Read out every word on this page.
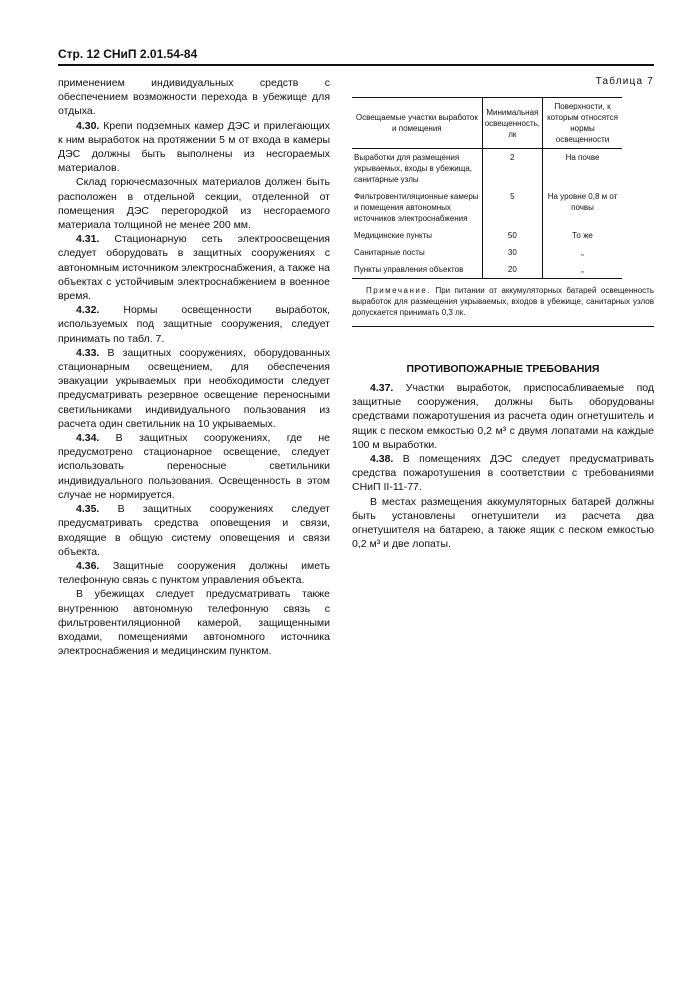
Стр. 12 СНиП 2.01.54-84

применением индивидуальных средств с обеспечением возможности перехода в убежище для отдыха.

4.30. Крепи подземных камер ДЭС и прилегающих к ним выработок на протяжении 5 м от входа в камеры ДЭС должны быть выполнены из несгораемых материалов.

Склад горючесмазочных материалов должен быть расположен в отдельной секции, отделенной от помещения ДЭС перегородкой из несгораемого материала толщиной не менее 200 мм.

4.31. Стационарную сеть электроосвещения следует оборудовать в защитных сооружениях с автономным источником электроснабжения, а также на объектах с устойчивым электроснабжением в военное время.

4.32. Нормы освещенности выработок, используемых под защитные сооружения, следует принимать по табл. 7.

4.33. В защитных сооружениях, оборудованных стационарным освещением, для обеспечения эвакуации укрываемых при необходимости следует предусматривать резервное освещение переносными светильниками индивидуального пользования из расчета один светильник на 10 укрываемых.

4.34. В защитных сооружениях, где не предусмотрено стационарное освещение, следует использовать переносные светильники индивидуального пользования. Освещенность в этом случае не нормируется.

4.35. В защитных сооружениях следует предусматривать средства оповещения и связи, входящие в общую систему оповещения и связи объекта.

4.36. Защитные сооружения должны иметь телефонную связь с пунктом управления объекта.

В убежищах следует предусматривать также внутреннюю автономную телефонную связь с фильтровентиляционной камерой, защищенными входами, помещениями автономного источника электроснабжения и медицинским пунктом.

Таблица 7
Освещаемые участки выработок и помещения	Минимальная освещенность, лк	Поверхности, к которым относятся нормы освещенности
Выработки для размещения укрываемых, входы в убежища, санитарные узлы	2	На почве
Фильтровентиляционные камеры и помещения автономных источников электроснабжения	5	На уровне 0,8 м от почвы
Медицинские пункты	50	То же
Санитарные посты	30	„
Пункты управления объектов	20	„

Примечание. При питании от аккумуляторных батарей освещенность выработок для размещения укрываемых, входов в убежище, санитарных узлов допускается принимать 0,3 лк.

ПРОТИВОПОЖАРНЫЕ ТРЕБОВАНИЯ

4.37. Участки выработок, приспосабливаемые под защитные сооружения, должны быть оборудованы средствами пожаротушения из расчета один огнетушитель и ящик с песком емкостью 0,2 м³ с двумя лопатами на каждые 100 м выработки.

4.38. В помещениях ДЭС следует предусматривать средства пожаротушения в соответствии с требованиями СНиП II-11-77.

В местах размещения аккумуляторных батарей должны быть установлены огнетушители из расчета два огнетушителя на батарею, а также ящик с песком емкостью 0,2 м³ и две лопаты.
